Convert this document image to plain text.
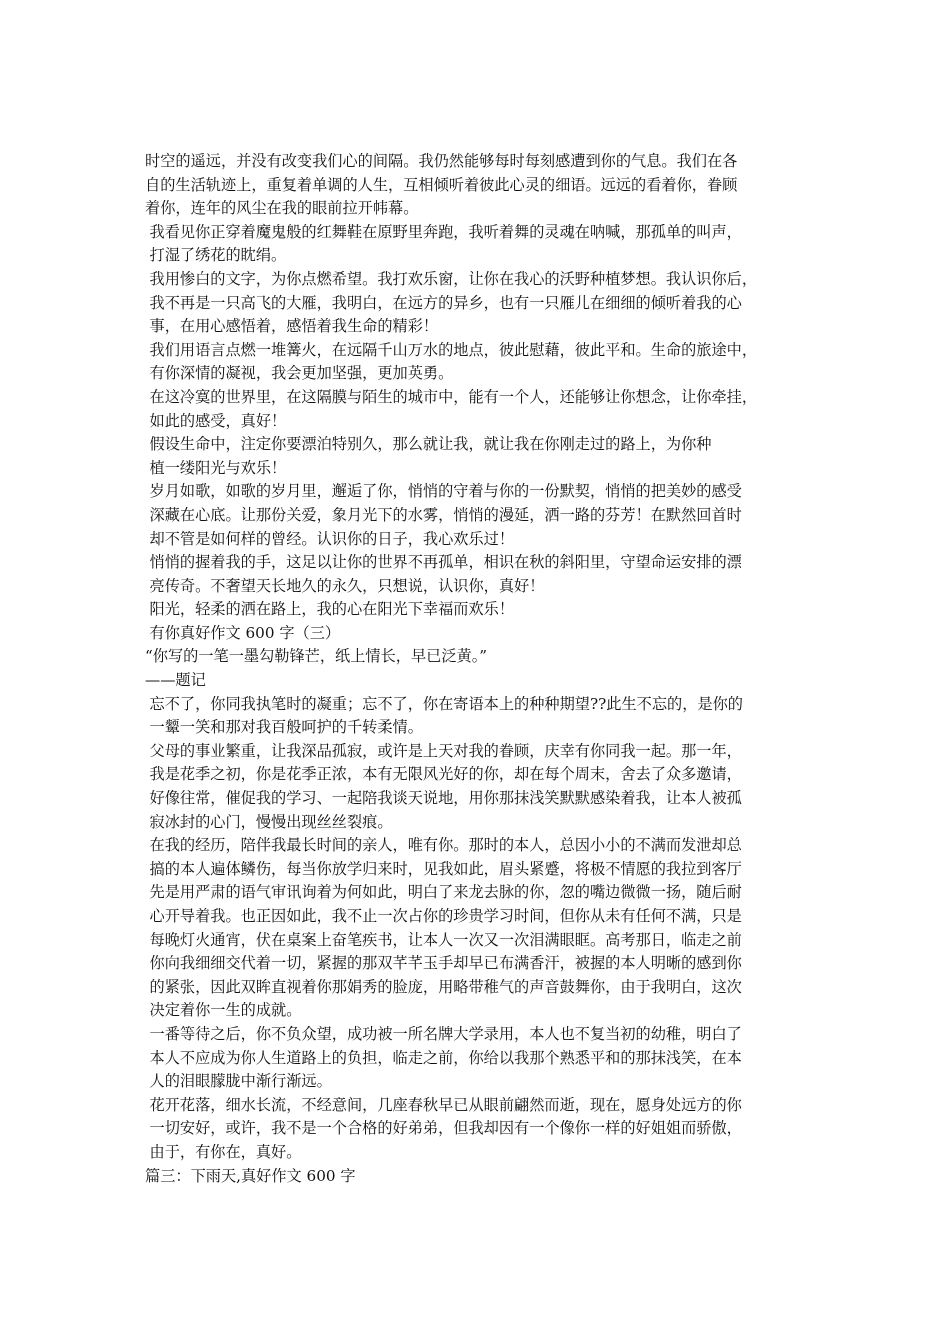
时空的遥远，并没有改变我们心的间隔。我仍然能够每时每刻感遭到你的气息。我们在各
自的生活轨迹上，重复着单调的人生，互相倾听着彼此心灵的细语。远远的看着你，眷顾
着你，连年的风尘在我的眼前拉开帏幕。
我看见你正穿着魔鬼般的红舞鞋在原野里奔跑，我听着舞的灵魂在呐喊，那孤单的叫声，
打湿了绣花的眈绢。
我用惨白的文字，为你点燃希望。我打欢乐窗，让你在我心的沃野种植梦想。我认识你后，
我不再是一只高飞的大雁，我明白，在远方的异乡，也有一只雁儿在细细的倾听着我的心
事，在用心感悟着，感悟着我生命的精彩！
我们用语言点燃一堆篝火，在远隔千山万水的地点，彼此慰藉，彼此平和。生命的旅途中，
有你深情的凝视，我会更加坚强，更加英勇。
在这冷寞的世界里，在这隔膜与陌生的城市中，能有一个人，还能够让你想念，让你牵挂，
如此的感受，真好！
假设生命中，注定你要漂泊特别久，那么就让我，就让我在你刚走过的路上，为你种
植一缕阳光与欢乐！
岁月如歌，如歌的岁月里，邂逅了你，悄悄的守着与你的一份默契，悄悄的把美妙的感受
深藏在心底。让那份关爱，象月光下的水雾，悄悄的漫延，洒一路的芬芳！在默然回首时
却不管是如何样的曾经。认识你的日子，我心欢乐过！
悄悄的握着我的手，这足以让你的世界不再孤单，相识在秋的斜阳里，守望命运安排的漂
亮传奇。不奢望天长地久的永久，只想说，认识你，真好！
阳光，轻柔的洒在路上，我的心在阳光下幸福而欢乐！
有你真好作文 600 字（三）
“你写的一笔一墨勾勒锋芒，纸上情长，早已泛黄。”
——题记
忘不了，你同我执笔时的凝重；忘不了，你在寄语本上的种种期望??此生不忘的，是你的
一颦一笑和那对我百般呵护的千转柔情。
父母的事业繁重，让我深品孤寂，或许是上天对我的眷顾，庆幸有你同我一起。那一年，
我是花季之初，你是花季正浓，本有无限风光好的你，却在每个周末，舍去了众多邀请，
好像往常，催促我的学习、一起陪我谈天说地，用你那抹浅笑默默感染着我，让本人被孤
寂冰封的心门，慢慢出现丝丝裂痕。
在我的经历，陪伴我最长时间的亲人，唯有你。那时的本人，总因小小的不满而发泄却总
搞的本人遍体鳞伤，每当你放学归来时，见我如此，眉头紧蹙，将极不情愿的我拉到客厅
先是用严肃的语气审讯询着为何如此，明白了来龙去脉的你，忽的嘴边微微一扬，随后耐
心开导着我。也正因如此，我不止一次占你的珍贵学习时间，但你从未有任何不满，只是
每晚灯火通宵，伏在桌案上奋笔疾书，让本人一次又一次泪满眼眶。高考那日，临走之前
你向我细细交代着一切，紧握的那双芊芊玉手却早已布满香汗，被握的本人明晰的感到你
的紧张，因此双眸直视着你那娟秀的脸庞，用略带稚气的声音鼓舞你，由于我明白，这次
决定着你一生的成就。
一番等待之后，你不负众望，成功被一所名牌大学录用，本人也不复当初的幼稚，明白了
本人不应成为你人生道路上的负担，临走之前，你给以我那个熟悉平和的那抹浅笑，在本
人的泪眼朦胧中渐行渐远。
花开花落，细水长流，不经意间，几座春秋早已从眼前翩然而逝，现在，愿身处远方的你
一切安好，或许，我不是一个合格的好弟弟，但我却因有一个像你一样的好姐姐而骄傲，
由于，有你在，真好。
篇三：下雨天,真好作文 600 字
